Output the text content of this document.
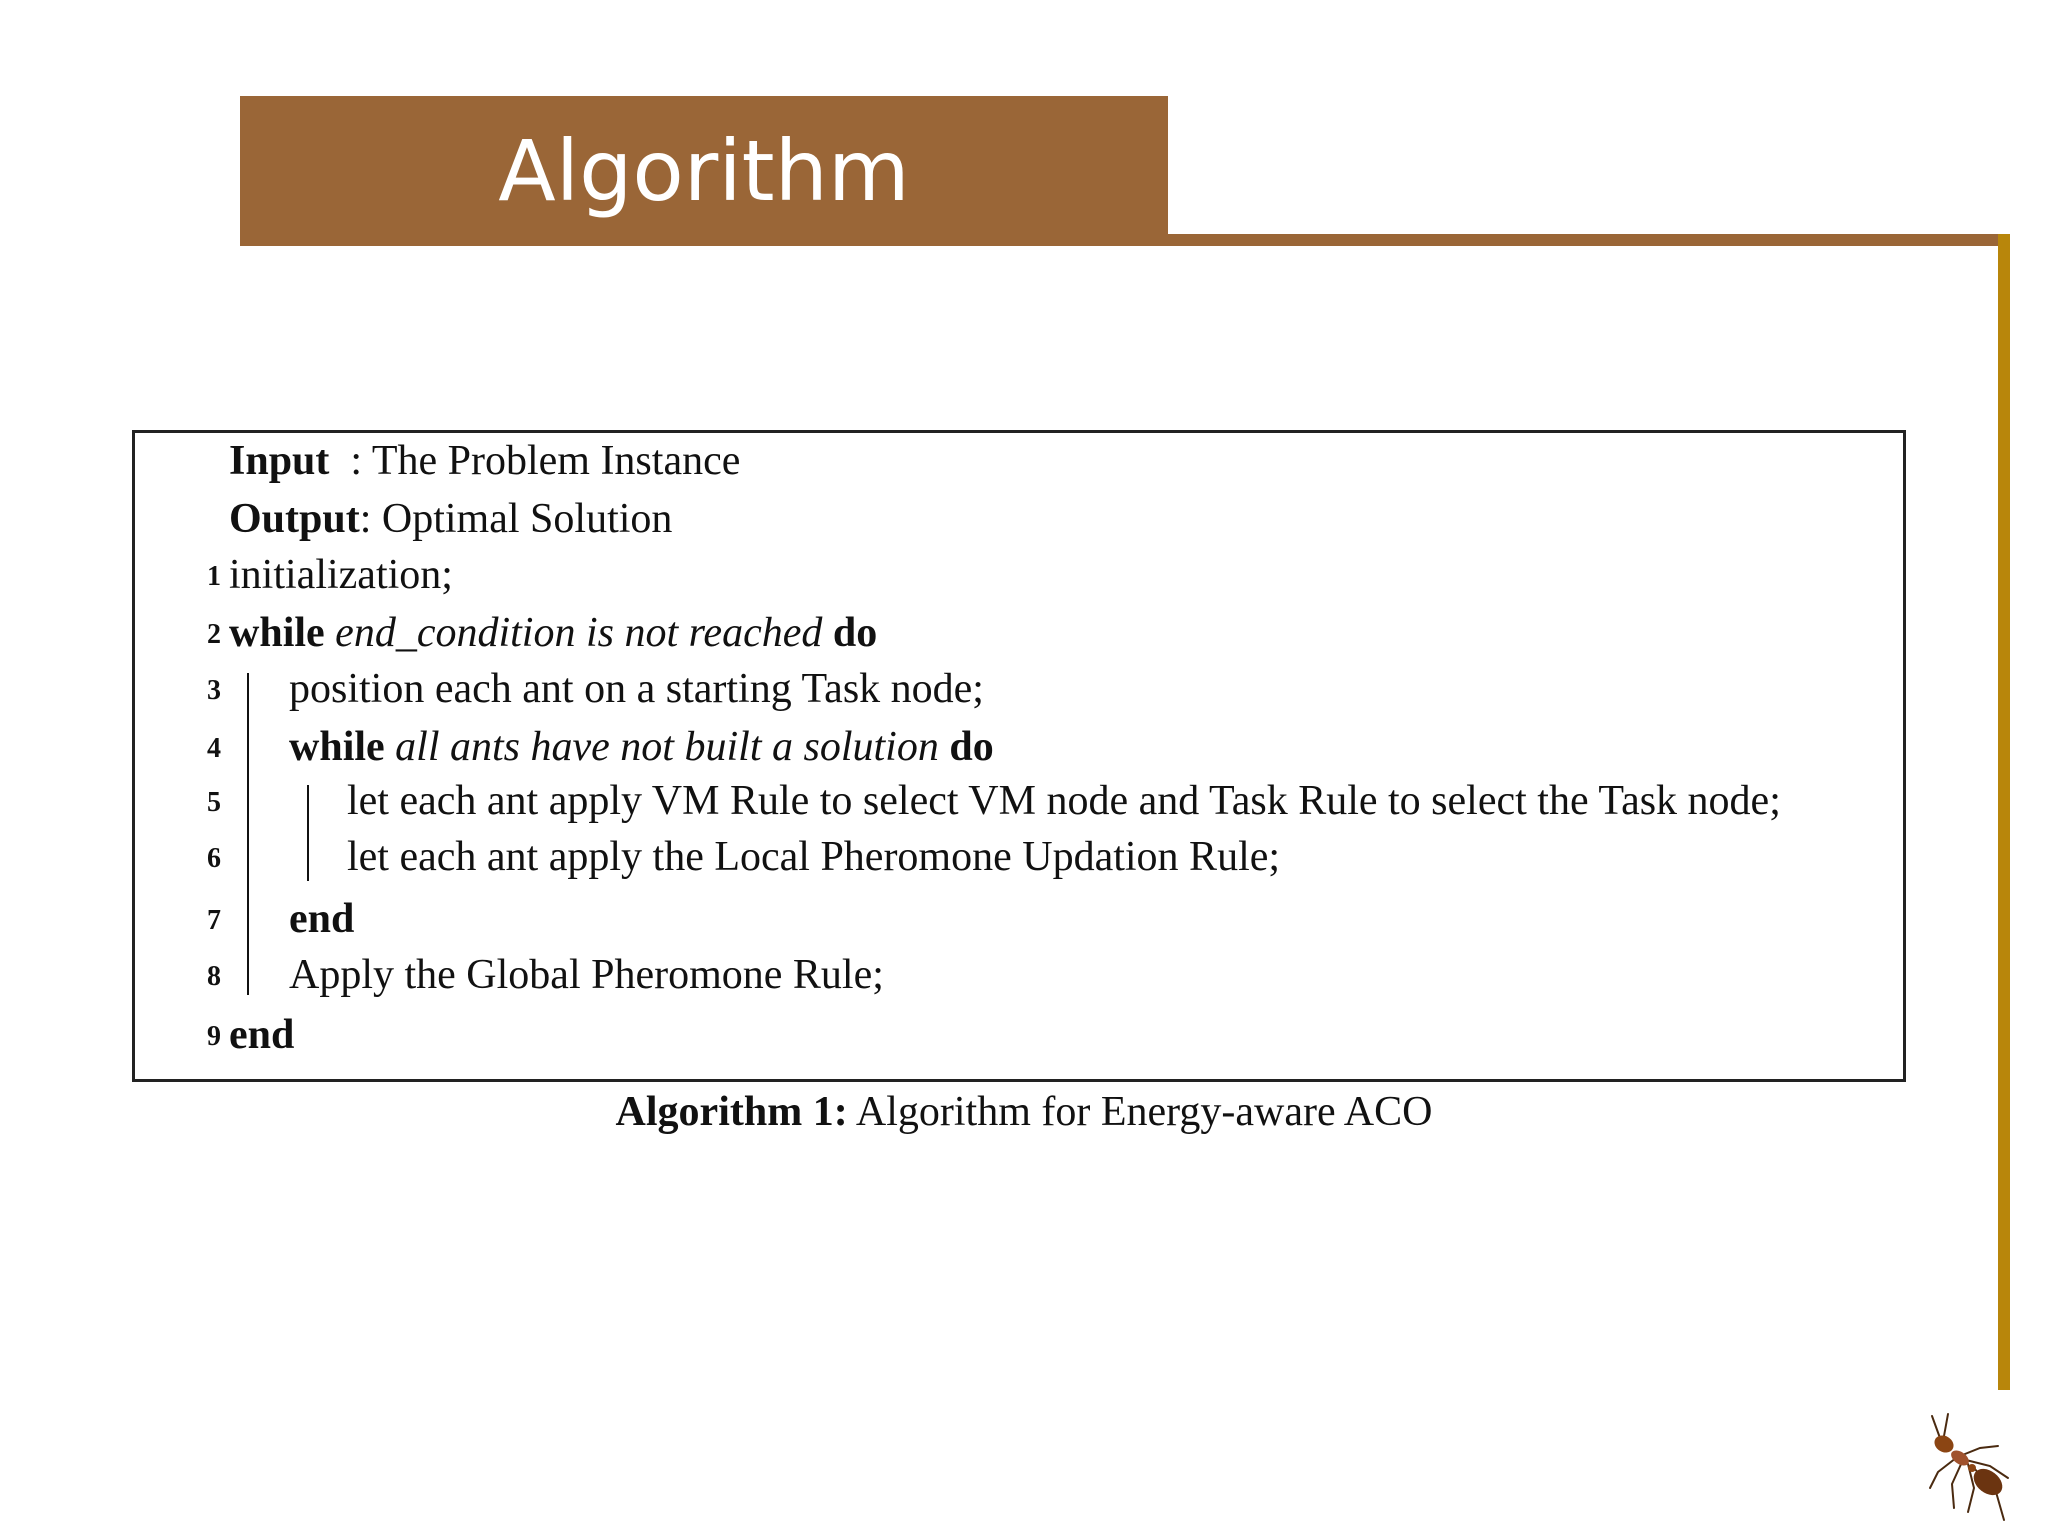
Algorithm
Input  : The Problem Instance
Output: Optimal Solution
1 initialization;
2 while end_condition is not reached do
3 position each ant on a starting Task node;
4 while all ants have not built a solution do
5	let each ant apply VM Rule to select VM node and Task Rule to select the Task node;
6	let each ant apply the Local Pheromone Updation Rule;
7 end
8 Apply the Global Pheromone Rule;
9 end
Algorithm 1: Algorithm for Energy-aware ACO
